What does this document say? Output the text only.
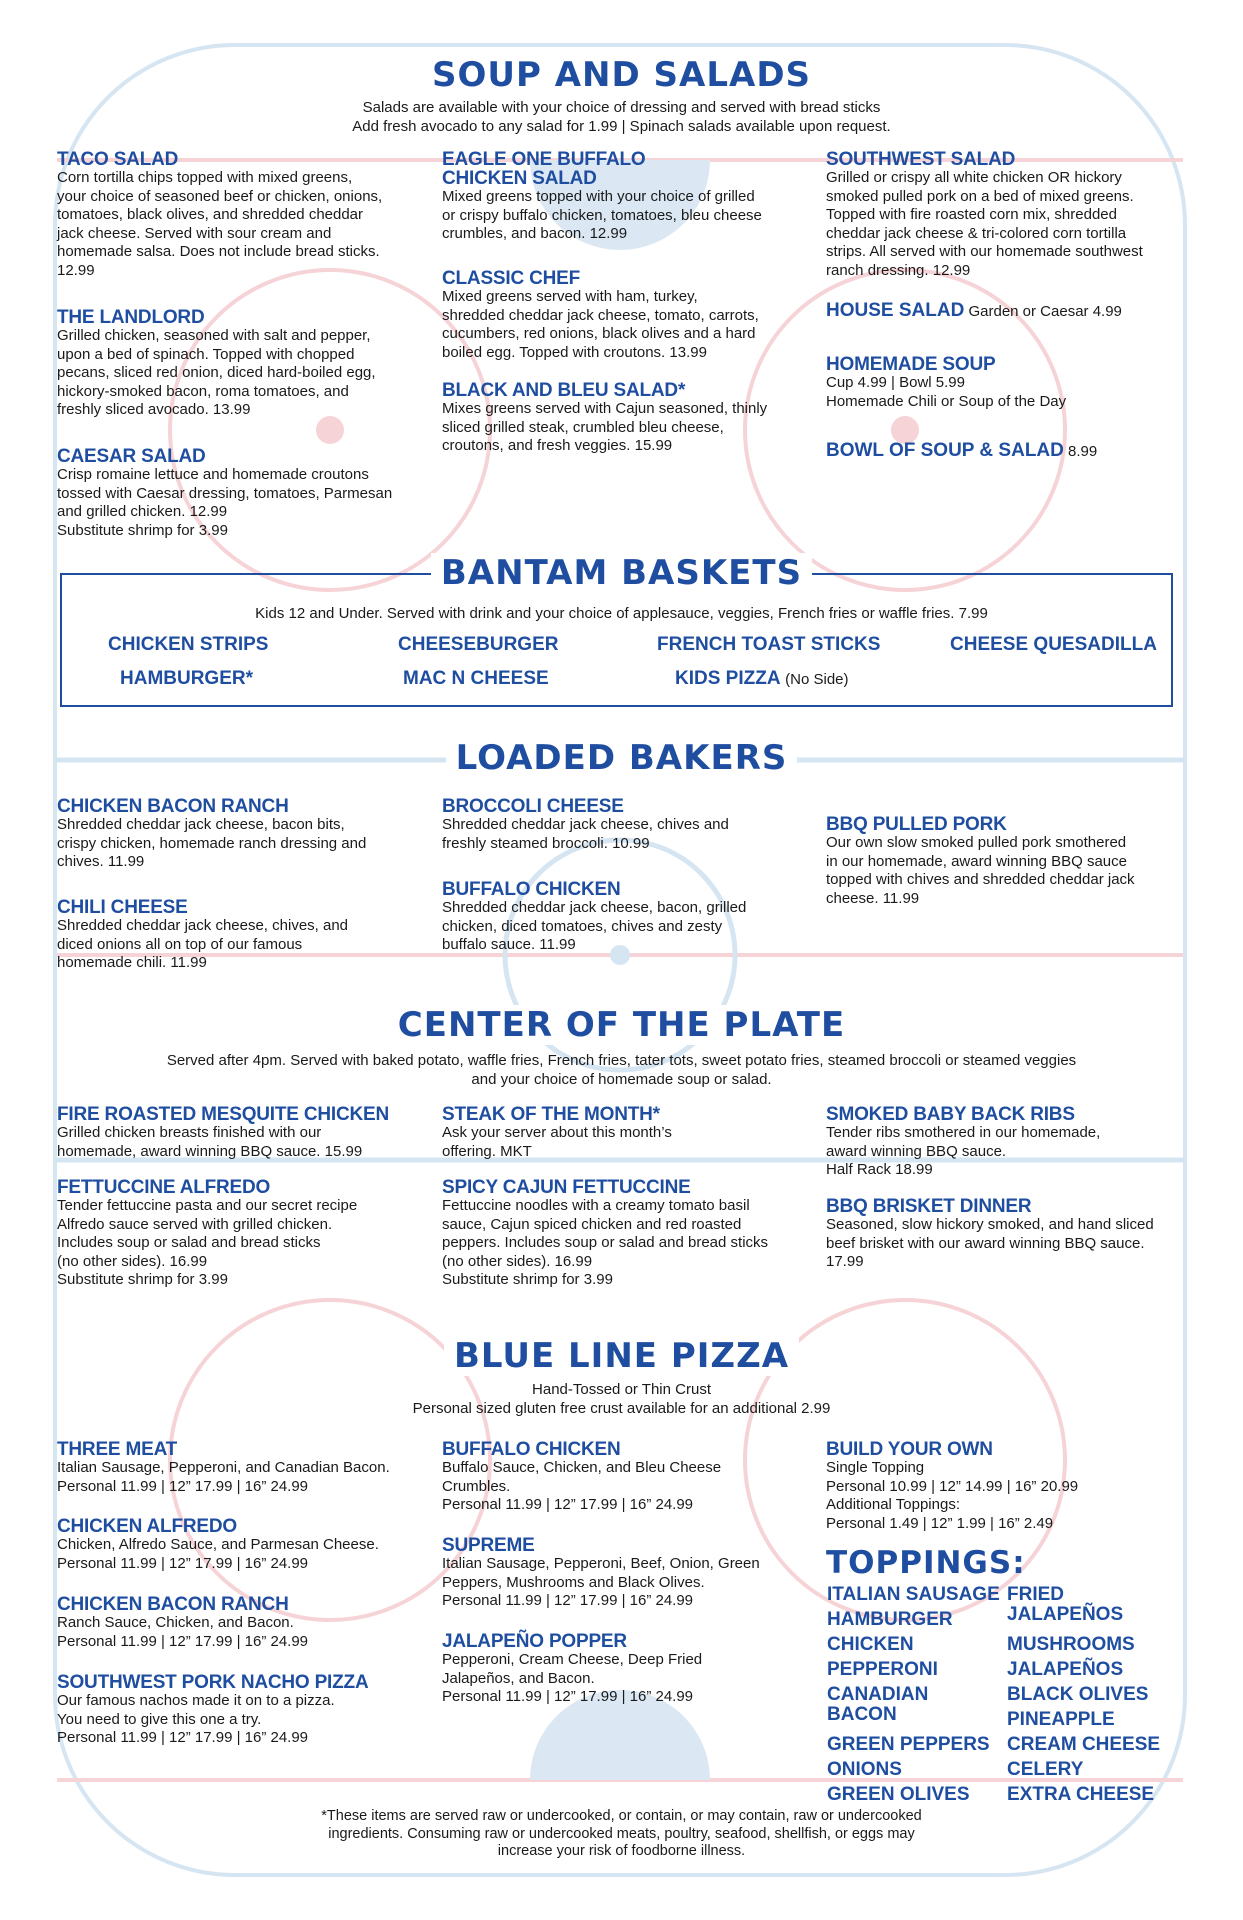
SOUP AND SALADS
Salads are available with your choice of dressing and served with bread sticks
Add fresh avocado to any salad for 1.99 | Spinach salads available upon request.
TACO SALAD
Corn tortilla chips topped with mixed greens,
your choice of seasoned beef or chicken, onions,
tomatoes, black olives, and shredded cheddar
jack cheese. Served with sour cream and
homemade salsa. Does not include bread sticks.
12.99
THE LANDLORD
Grilled chicken, seasoned with salt and pepper,
upon a bed of spinach. Topped with chopped
pecans, sliced red onion, diced hard-boiled egg,
hickory-smoked bacon, roma tomatoes, and
freshly sliced avocado. 13.99
CAESAR SALAD
Crisp romaine lettuce and homemade croutons
tossed with Caesar dressing, tomatoes, Parmesan
and grilled chicken. 12.99
Substitute shrimp for 3.99
EAGLE ONE BUFFALO
CHICKEN SALAD
Mixed greens topped with your choice of grilled
or crispy buffalo chicken, tomatoes, bleu cheese
crumbles, and bacon. 12.99
CLASSIC CHEF
Mixed greens served with ham, turkey,
shredded cheddar jack cheese, tomato, carrots,
cucumbers, red onions, black olives and a hard
boiled egg. Topped with croutons. 13.99
BLACK AND BLEU SALAD*
Mixes greens served with Cajun seasoned, thinly
sliced grilled steak, crumbled bleu cheese,
croutons, and fresh veggies. 15.99
SOUTHWEST SALAD
Grilled or crispy all white chicken OR hickory
smoked pulled pork on a bed of mixed greens.
Topped with fire roasted corn mix, shredded
cheddar jack cheese & tri-colored corn tortilla
strips. All served with our homemade southwest
ranch dressing. 12.99
HOUSE SALAD Garden or Caesar 4.99
HOMEMADE SOUP
Cup 4.99 | Bowl 5.99
Homemade Chili or Soup of the Day
BOWL OF SOUP & SALAD 8.99
BANTAM BASKETS
Kids 12 and Under. Served with drink and your choice of applesauce, veggies, French fries or waffle fries. 7.99
CHICKEN STRIPS	CHEESEBURGER	FRENCH TOAST STICKS	CHEESE QUESADILLA
HAMBURGER*	MAC N CHEESE	KIDS PIZZA (No Side)
LOADED BAKERS
CHICKEN BACON RANCH
Shredded cheddar jack cheese, bacon bits,
crispy chicken, homemade ranch dressing and
chives. 11.99
CHILI CHEESE
Shredded cheddar jack cheese, chives, and
diced onions all on top of our famous
homemade chili. 11.99
BROCCOLI CHEESE
Shredded cheddar jack cheese, chives and
freshly steamed broccoli. 10.99
BUFFALO CHICKEN
Shredded cheddar jack cheese, bacon, grilled
chicken, diced tomatoes, chives and zesty
buffalo sauce. 11.99
BBQ PULLED PORK
Our own slow smoked pulled pork smothered
in our homemade, award winning BBQ sauce
topped with chives and shredded cheddar jack
cheese. 11.99
CENTER OF THE PLATE
Served after 4pm. Served with baked potato, waffle fries, French fries, tater tots, sweet potato fries, steamed broccoli or steamed veggies
and your choice of homemade soup or salad.
FIRE ROASTED MESQUITE CHICKEN
Grilled chicken breasts finished with our
homemade, award winning BBQ sauce. 15.99
FETTUCCINE ALFREDO
Tender fettuccine pasta and our secret recipe
Alfredo sauce served with grilled chicken.
Includes soup or salad and bread sticks
(no other sides). 16.99
Substitute shrimp for 3.99
STEAK OF THE MONTH*
Ask your server about this month’s
offering. MKT
SPICY CAJUN FETTUCCINE
Fettuccine noodles with a creamy tomato basil
sauce, Cajun spiced chicken and red roasted
peppers. Includes soup or salad and bread sticks
(no other sides). 16.99
Substitute shrimp for 3.99
SMOKED BABY BACK RIBS
Tender ribs smothered in our homemade,
award winning BBQ sauce.
Half Rack 18.99
BBQ BRISKET DINNER
Seasoned, slow hickory smoked, and hand sliced
beef brisket with our award winning BBQ sauce.
17.99
BLUE LINE PIZZA
Hand-Tossed or Thin Crust
Personal sized gluten free crust available for an additional 2.99
THREE MEAT
Italian Sausage, Pepperoni, and Canadian Bacon.
Personal 11.99 | 12” 17.99 | 16” 24.99
CHICKEN ALFREDO
Chicken, Alfredo Sauce, and Parmesan Cheese.
Personal 11.99 | 12” 17.99 | 16” 24.99
CHICKEN BACON RANCH
Ranch Sauce, Chicken, and Bacon.
Personal 11.99 | 12” 17.99 | 16” 24.99
SOUTHWEST PORK NACHO PIZZA
Our famous nachos made it on to a pizza.
You need to give this one a try.
Personal 11.99 | 12” 17.99 | 16” 24.99
BUFFALO CHICKEN
Buffalo Sauce, Chicken, and Bleu Cheese
Crumbles.
Personal 11.99 | 12” 17.99 | 16” 24.99
SUPREME
Italian Sausage, Pepperoni, Beef, Onion, Green
Peppers, Mushrooms and Black Olives.
Personal 11.99 | 12” 17.99 | 16” 24.99
JALAPEÑO POPPER
Pepperoni, Cream Cheese, Deep Fried
Jalapeños, and Bacon.
Personal 11.99 | 12” 17.99 | 16” 24.99
BUILD YOUR OWN
Single Topping
Personal 10.99 | 12” 14.99 | 16” 20.99
Additional Toppings:
Personal 1.49 | 12” 1.99 | 16” 2.49
TOPPINGS:
*These items are served raw or undercooked, or contain, or may contain, raw or undercooked
ingredients. Consuming raw or undercooked meats, poultry, seafood, shellfish, or eggs may
increase your risk of foodborne illness.
ITALIAN SAUSAGE
HAMBURGER
CHICKEN
PEPPERONI
CANADIAN
BACON
GREEN PEPPERS
ONIONS
GREEN OLIVES
FRIED
JALAPEÑOS
MUSHROOMS
JALAPEÑOS
BLACK OLIVES
PINEAPPLE
CREAM CHEESE
CELERY
EXTRA CHEESE
